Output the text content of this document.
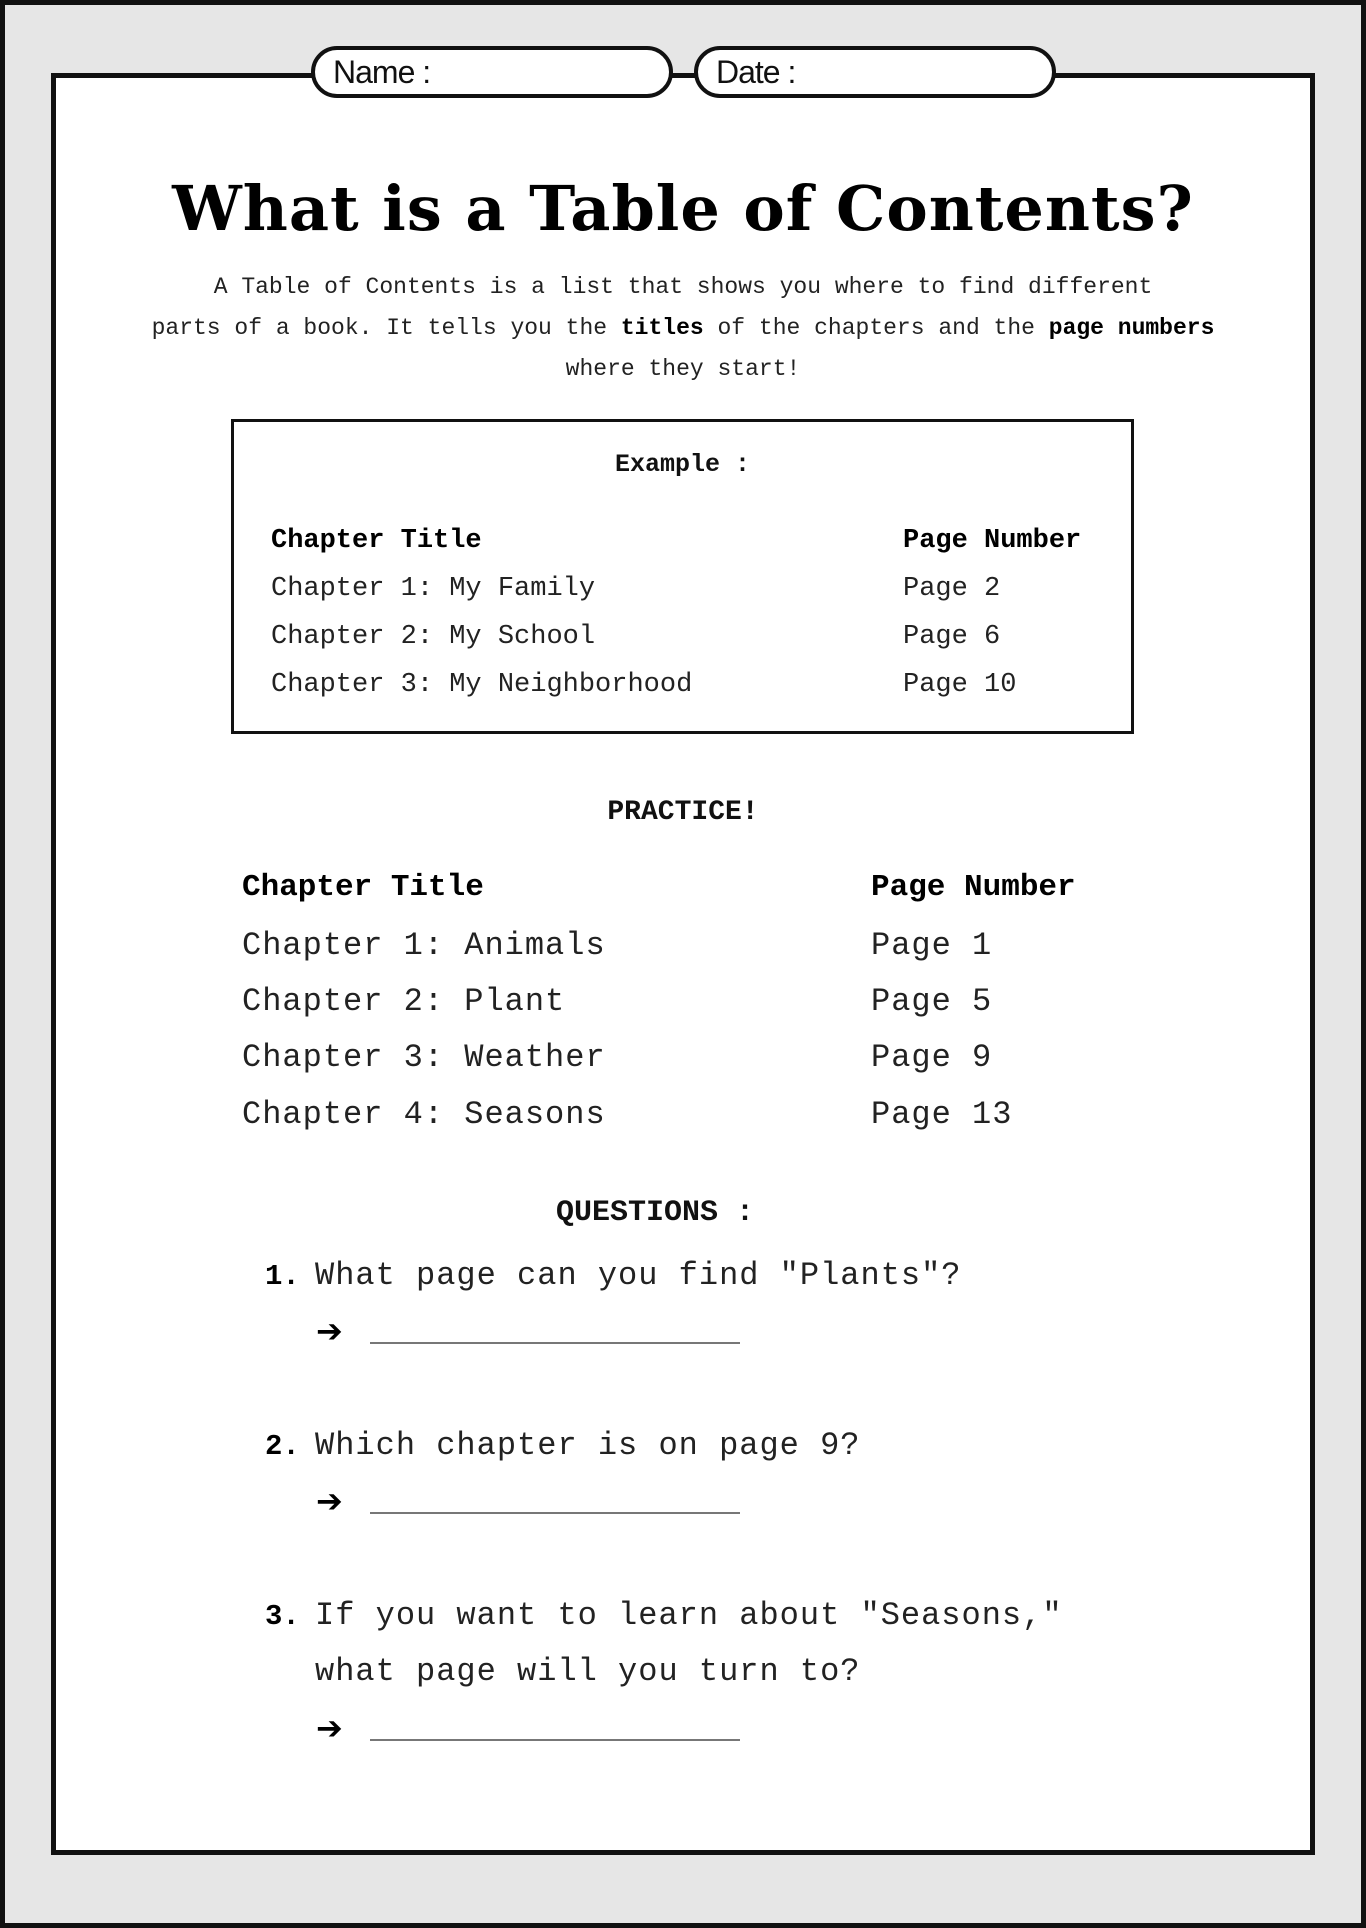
Name :	Date :
What is a Table of Contents?
A Table of Contents is a list that shows you where to find different
parts of a book. It tells you the titles of the chapters and the page numbers
where they start!
Example :
Chapter Title	Page Number
Chapter 1: My Family	Page 2
Chapter 2: My School	Page 6
Chapter 3: My Neighborhood	Page 10
PRACTICE!
Chapter Title	Page Number
Chapter 1: Animals	Page 1
Chapter 2: Plant	Page 5
Chapter 3: Weather	Page 9
Chapter 4: Seasons	Page 13
QUESTIONS :
1. What page can you find "Plants"?
➔
2. Which chapter is on page 9?
➔
3. If you want to learn about "Seasons,"
what page will you turn to?
➔
